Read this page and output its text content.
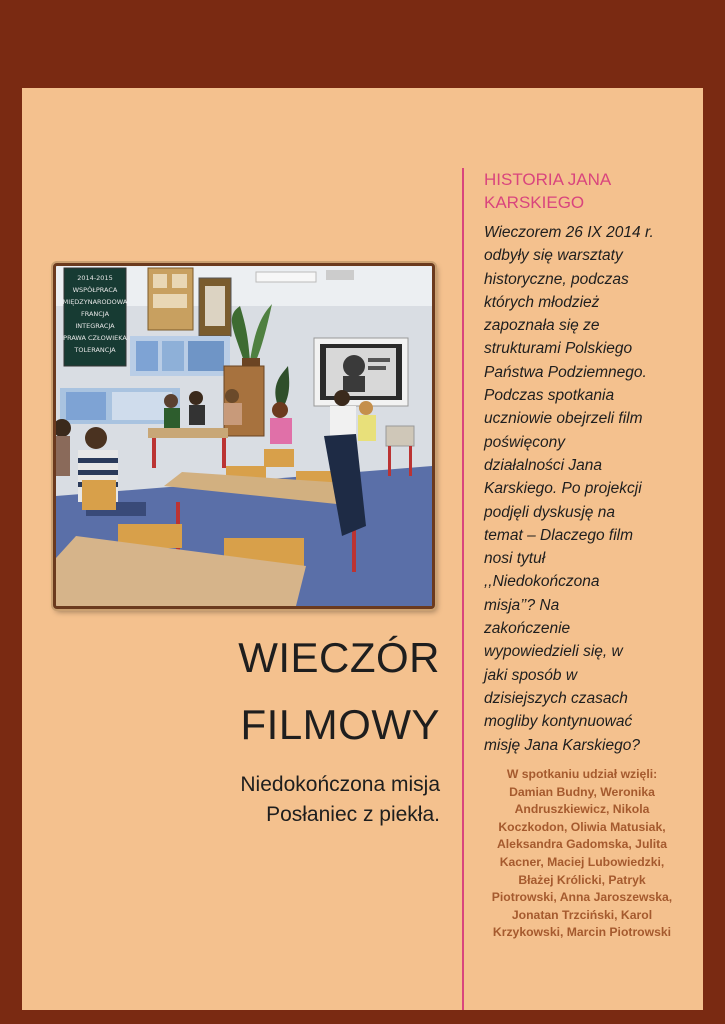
2014-2015
WSPÓŁPRACA
MIĘDZYNARODOWA
FRANCJA
INTEGRACJA
PRAWA CZŁOWIEKA
TOLERANCJA
WIECZÓR
FILMOWY
Niedokończona misja
Posłaniec z piekła.
HISTORIA JANA
KARSKIEGO
Wieczorem 26 IX 2014 r.
odbyły się warsztaty
historyczne, podczas
których młodzież
zapoznała się ze
strukturami Polskiego
Państwa Podziemnego.
Podczas spotkania
uczniowie obejrzeli film
poświęcony
działalności Jana
Karskiego. Po projekcji
podjęli dyskusję na
temat – Dlaczego film
nosi tytuł
,,Niedokończona
misja’’? Na
zakończenie
wypowiedzieli się, w
jaki sposób w
dzisiejszych czasach
mogliby kontynuować
misję Jana Karskiego?
W spotkaniu udział wzięli:
Damian Budny, Weronika
Andruszkiewicz, Nikola
Koczkodon, Oliwia Matusiak,
Aleksandra Gadomska, Julita
Kacner, Maciej Lubowiedzki,
Błażej Królicki, Patryk
Piotrowski, Anna Jaroszewska,
Jonatan Trzciński, Karol
Krzykowski, Marcin Piotrowski
